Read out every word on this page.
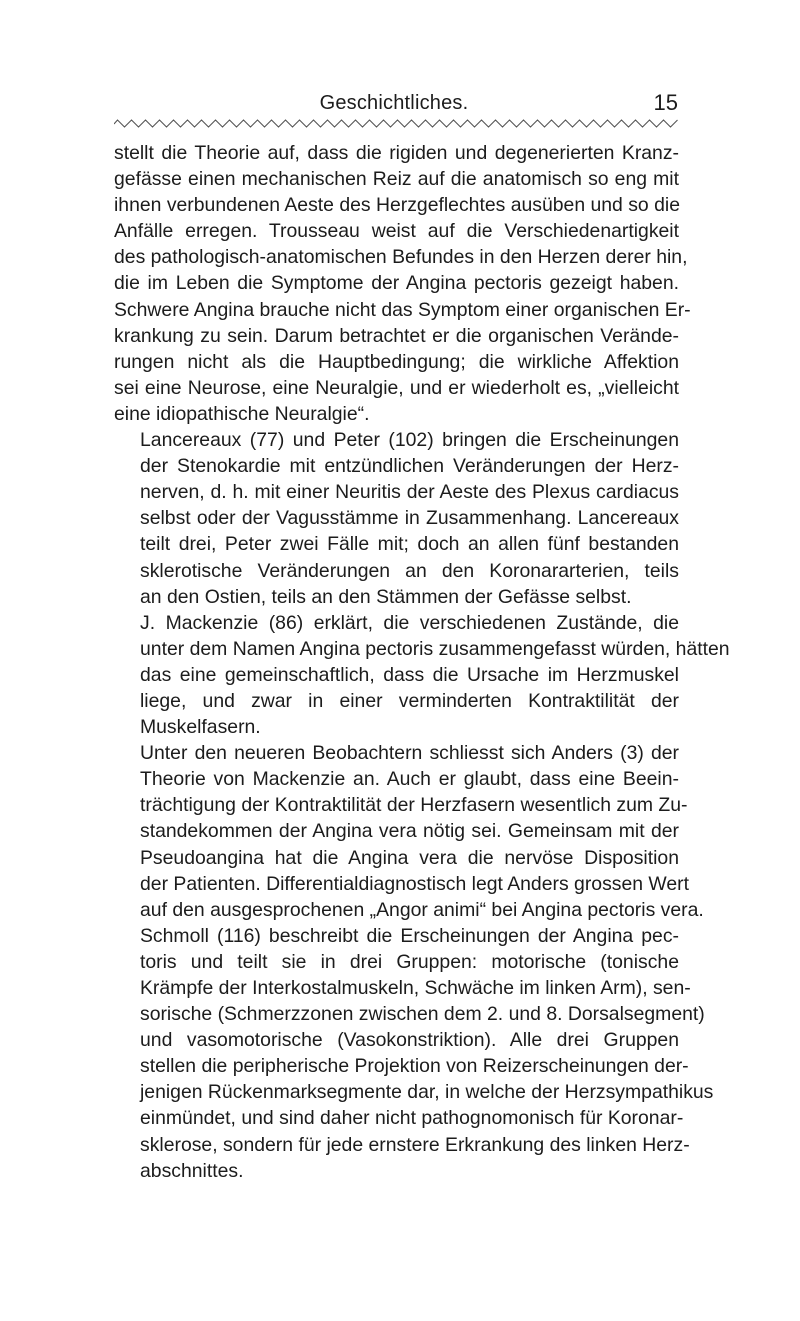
Geschichtliches.	15

stellt die Theorie auf, dass die rigiden und degenerierten Kranz-
gefässe einen mechanischen Reiz auf die anatomisch so eng mit
ihnen verbundenen Aeste des Herzgeflechtes ausüben und so die
Anfälle erregen. Trousseau weist auf die Verschiedenartigkeit
des pathologisch-anatomischen Befundes in den Herzen derer hin,
die im Leben die Symptome der Angina pectoris gezeigt haben.
Schwere Angina brauche nicht das Symptom einer organischen Er-
krankung zu sein. Darum betrachtet er die organischen Verände-
rungen nicht als die Hauptbedingung; die wirkliche Affektion
sei eine Neurose, eine Neuralgie, und er wiederholt es, „vielleicht
eine idiopathische Neuralgie“.

Lancereaux (77) und Peter (102) bringen die Erscheinungen
der Stenokardie mit entzündlichen Veränderungen der Herz-
nerven, d. h. mit einer Neuritis der Aeste des Plexus cardiacus
selbst oder der Vagusstämme in Zusammenhang. Lancereaux
teilt drei, Peter zwei Fälle mit; doch an allen fünf bestanden
sklerotische Veränderungen an den Koronararterien, teils
an den Ostien, teils an den Stämmen der Gefässe selbst.

J. Mackenzie (86) erklärt, die verschiedenen Zustände, die
unter dem Namen Angina pectoris zusammengefasst würden, hätten
das eine gemeinschaftlich, dass die Ursache im Herzmuskel
liege, und zwar in einer verminderten Kontraktilität der
Muskelfasern.

Unter den neueren Beobachtern schliesst sich Anders (3) der
Theorie von Mackenzie an. Auch er glaubt, dass eine Beein-
trächtigung der Kontraktilität der Herzfasern wesentlich zum Zu-
standekommen der Angina vera nötig sei. Gemeinsam mit der
Pseudoangina hat die Angina vera die nervöse Disposition
der Patienten. Differentialdiagnostisch legt Anders grossen Wert
auf den ausgesprochenen „Angor animi“ bei Angina pectoris vera.

Schmoll (116) beschreibt die Erscheinungen der Angina pec-
toris und teilt sie in drei Gruppen: motorische (tonische
Krämpfe der Interkostalmuskeln, Schwäche im linken Arm), sen-
sorische (Schmerzzonen zwischen dem 2. und 8. Dorsalsegment)
und vasomotorische (Vasokonstriktion). Alle drei Gruppen
stellen die peripherische Projektion von Reizerscheinungen der-
jenigen Rückenmarksegmente dar, in welche der Herzsympathikus
einmündet, und sind daher nicht pathognomonisch für Koronar-
sklerose, sondern für jede ernstere Erkrankung des linken Herz-
abschnittes.
